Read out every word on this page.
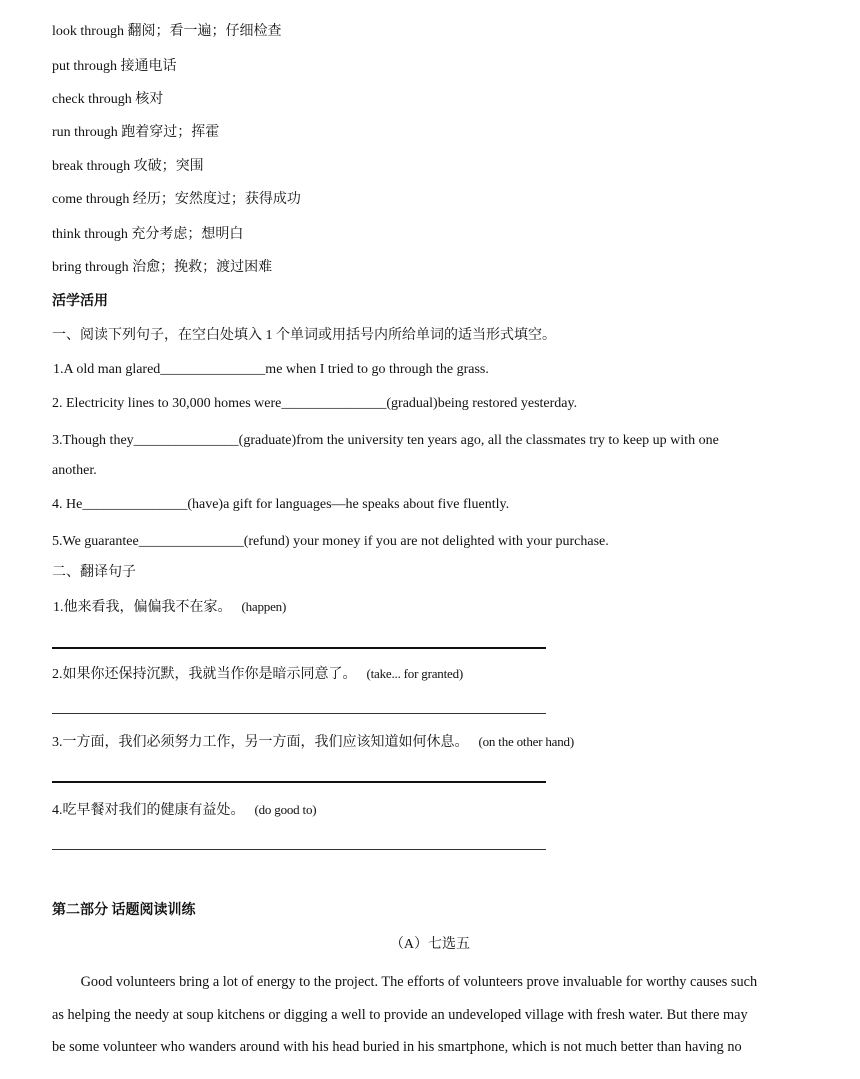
look through 翻阅；看一遍；仔细检查
put through 接通电话
check through 核对
run through 跑着穿过；挥霍
break through 攻破；突围
come through 经历；安然度过；获得成功
think through 充分考虑；想明白
bring through 治愈；挽救；渡过困难
活学活用
一、阅读下列句子，在空白处填入 1 个单词或用括号内所给单词的适当形式填空。
1.A old man glared_______________me when I tried to go through the grass.
2. Electricity lines to 30,000 homes were_______________(gradual)being restored yesterday.
3.Though they_______________(graduate)from the university ten years ago, all the classmates try to keep up with one
another.
4. He_______________(have)a gift for languages—he speaks about five fluently.
5.We guarantee_______________(refund) your money if you are not delighted with your purchase.
二、翻译句子
1.他来看我，偏偏我不在家。 (happen)
2.如果你还保持沉默，我就当作你是暗示同意了。 (take... for granted)
3.一方面，我们必须努力工作，另一方面，我们应该知道如何休息。 (on the other hand)
4.吃早餐对我们的健康有益处。 (do good to)
第二部分 话题阅读训练
（A）七选五
Good volunteers bring a lot of energy to the project. The efforts of volunteers prove invaluable for worthy causes such
as helping the needy at soup kitchens or digging a well to provide an undeveloped village with fresh water. But there may
be some volunteer who wanders around with his head buried in his smartphone, which is not much better than having no
